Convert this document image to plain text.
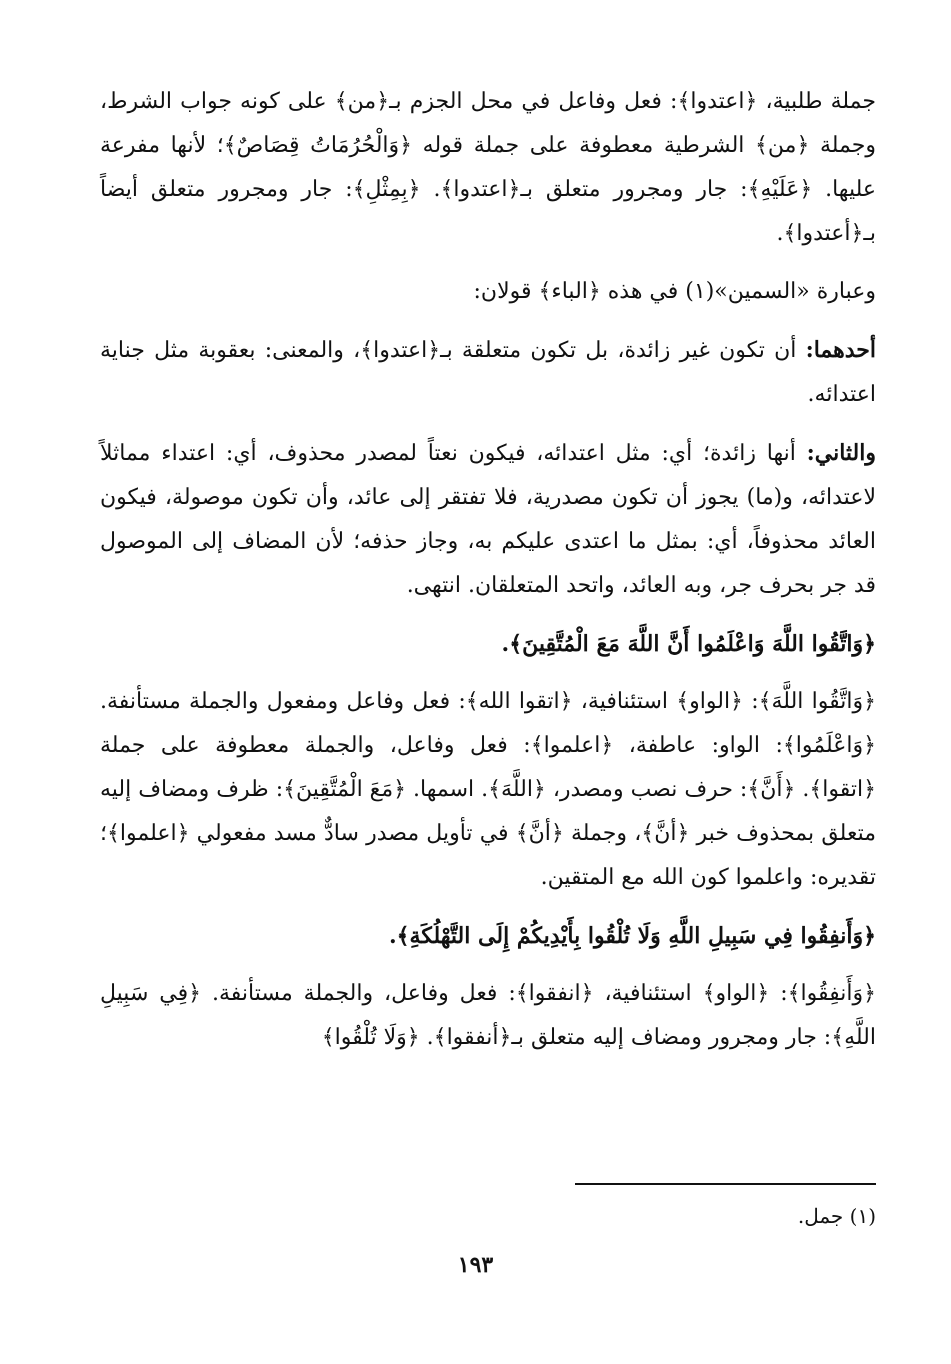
جملة طلبية، ﴿اعتدوا﴾: فعل وفاعل في محل الجزم بـ﴿من﴾ على كونه جواب الشرط، وجملة ﴿من﴾ الشرطية معطوفة على جملة قوله ﴿وَالْحُرُمَاتُ قِصَاصٌ﴾؛ لأنها مفرعة عليها. ﴿عَلَيْهِ﴾: جار ومجرور متعلق بـ﴿اعتدوا﴾. ﴿بِمِثْلِ﴾: جار ومجرور متعلق أيضاً بـ﴿أعتدوا﴾.

وعبارة «السمين»(١) في هذه ﴿الباء﴾ قولان:

أحدهما: أن تكون غير زائدة، بل تكون متعلقة بـ﴿اعتدوا﴾، والمعنى: بعقوبة مثل جناية اعتدائه.

والثاني: أنها زائدة؛ أي: مثل اعتدائه، فيكون نعتاً لمصدر محذوف، أي: اعتداء مماثلاً لاعتدائه، و(ما) يجوز أن تكون مصدرية، فلا تفتقر إلى عائد، وأن تكون موصولة، فيكون العائد محذوفاً، أي: بمثل ما اعتدى عليكم به، وجاز حذفه؛ لأن المضاف إلى الموصول قد جر بحرف جر، وبه العائد، واتحد المتعلقان. انتهى.

﴿وَاتَّقُوا اللَّهَ وَاعْلَمُوا أَنَّ اللَّهَ مَعَ الْمُتَّقِينَ﴾.

﴿وَاتَّقُوا اللَّهَ﴾: ﴿الواو﴾ استئنافية، ﴿اتقوا الله﴾: فعل وفاعل ومفعول والجملة مستأنفة. ﴿وَاعْلَمُوا﴾: الواو: عاطفة، ﴿اعلموا﴾: فعل وفاعل، والجملة معطوفة على جملة ﴿اتقوا﴾. ﴿أَنَّ﴾: حرف نصب ومصدر، ﴿اللَّهَ﴾. اسمها. ﴿مَعَ الْمُتَّقِينَ﴾: ظرف ومضاف إليه متعلق بمحذوف خبر ﴿أنَّ﴾، وجملة ﴿أنَّ﴾ في تأويل مصدر سادٌّ مسد مفعولي ﴿اعلموا﴾؛ تقديره: واعلموا كون الله مع المتقين.

﴿وَأَنفِقُوا فِي سَبِيلِ اللَّهِ وَلَا تُلْقُوا بِأَيْدِيكُمْ إِلَى التَّهْلُكَةِ﴾.

﴿وَأَنفِقُوا﴾: ﴿الواو﴾ استئنافية، ﴿انفقوا﴾: فعل وفاعل، والجملة مستأنفة. ﴿فِي سَبِيلِ اللَّهِ﴾: جار ومجرور ومضاف إليه متعلق بـ﴿أنفقوا﴾. ﴿وَلَا تُلْقُوا﴾

(١) جمل.
١٩٣
